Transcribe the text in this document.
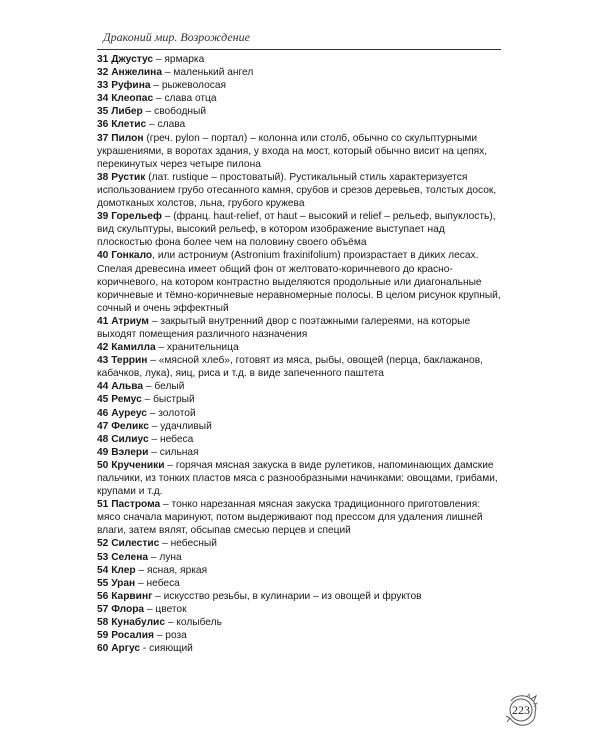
Драконий мир. Возрождение

31 Джустус – ярмарка

32 Анжелина – маленький ангел

33 Руфина – рыжеволосая

34 Клеопас – слава отца

35 Либер – свободный

36 Клетис – слава

37 Пилон (греч. pylon – портал) – колонна или столб, обычно со скульптурными украшениями, в воротах здания, у входа на мост, который обычно висит на цепях, перекинутых через четыре пилона

38 Рустик (лат. rustique – простоватый). Рустикальный стиль характеризуется использованием грубо отесанного камня, срубов и срезов деревьев, толстых досок, домотканых холстов, льна, грубого кружева

39 Горельеф – (франц. haut-relief, от haut – высокий и relief – рельеф, выпуклость), вид скульптуры, высокий рельеф, в котором изображение выступает над плоскостью фона более чем на половину своего объёма

40 Гонкало, или астрониум (Astronium fraxinifolium) произрастает в диких лесах. Спелая древесина имеет общий фон от желтовато-коричневого до красно-коричневого, на котором контрастно выделяются продольные или диагональные коричневые и тёмно-коричневые неравномерные полосы. В целом рисунок крупный, сочный и очень эффектный

41 Атриум – закрытый внутренний двор с поэтажными галереями, на которые выходят помещения различного назначения

42 Камилла – хранительница

43 Террин – «мясной хлеб», готовят из мяса, рыбы, овощей (перца, баклажанов, кабачков, лука), яиц, риса и т.д. в виде запеченного паштета

44 Альва – белый

45 Ремус – быстрый

46 Ауреус – золотой

47 Феликс – удачливый

48 Силиус – небеса

49 Вэлери – сильная

50 Крученики – горячая мясная закуска в виде рулетиков, напоминающих дамские пальчики, из тонких пластов мяса с разнообразными начинками: овощами, грибами, крупами и т.д.

51 Пастрома – тонко нарезанная мясная закуска традиционного приготовления: мясо сначала маринуют, потом выдерживают под прессом для удаления лишней влаги, затем вялят, обсыпав смесью перцев и специй

52 Силестис – небесный

53 Селена – луна

54 Клер – ясная, яркая

55 Уран – небеса

56 Карвинг – искусство резьбы, в кулинарии – из овощей и фруктов

57 Флора – цветок

58 Кунабулис – колыбель

59 Росалия – роза

60 Аргус - сияющий

223
